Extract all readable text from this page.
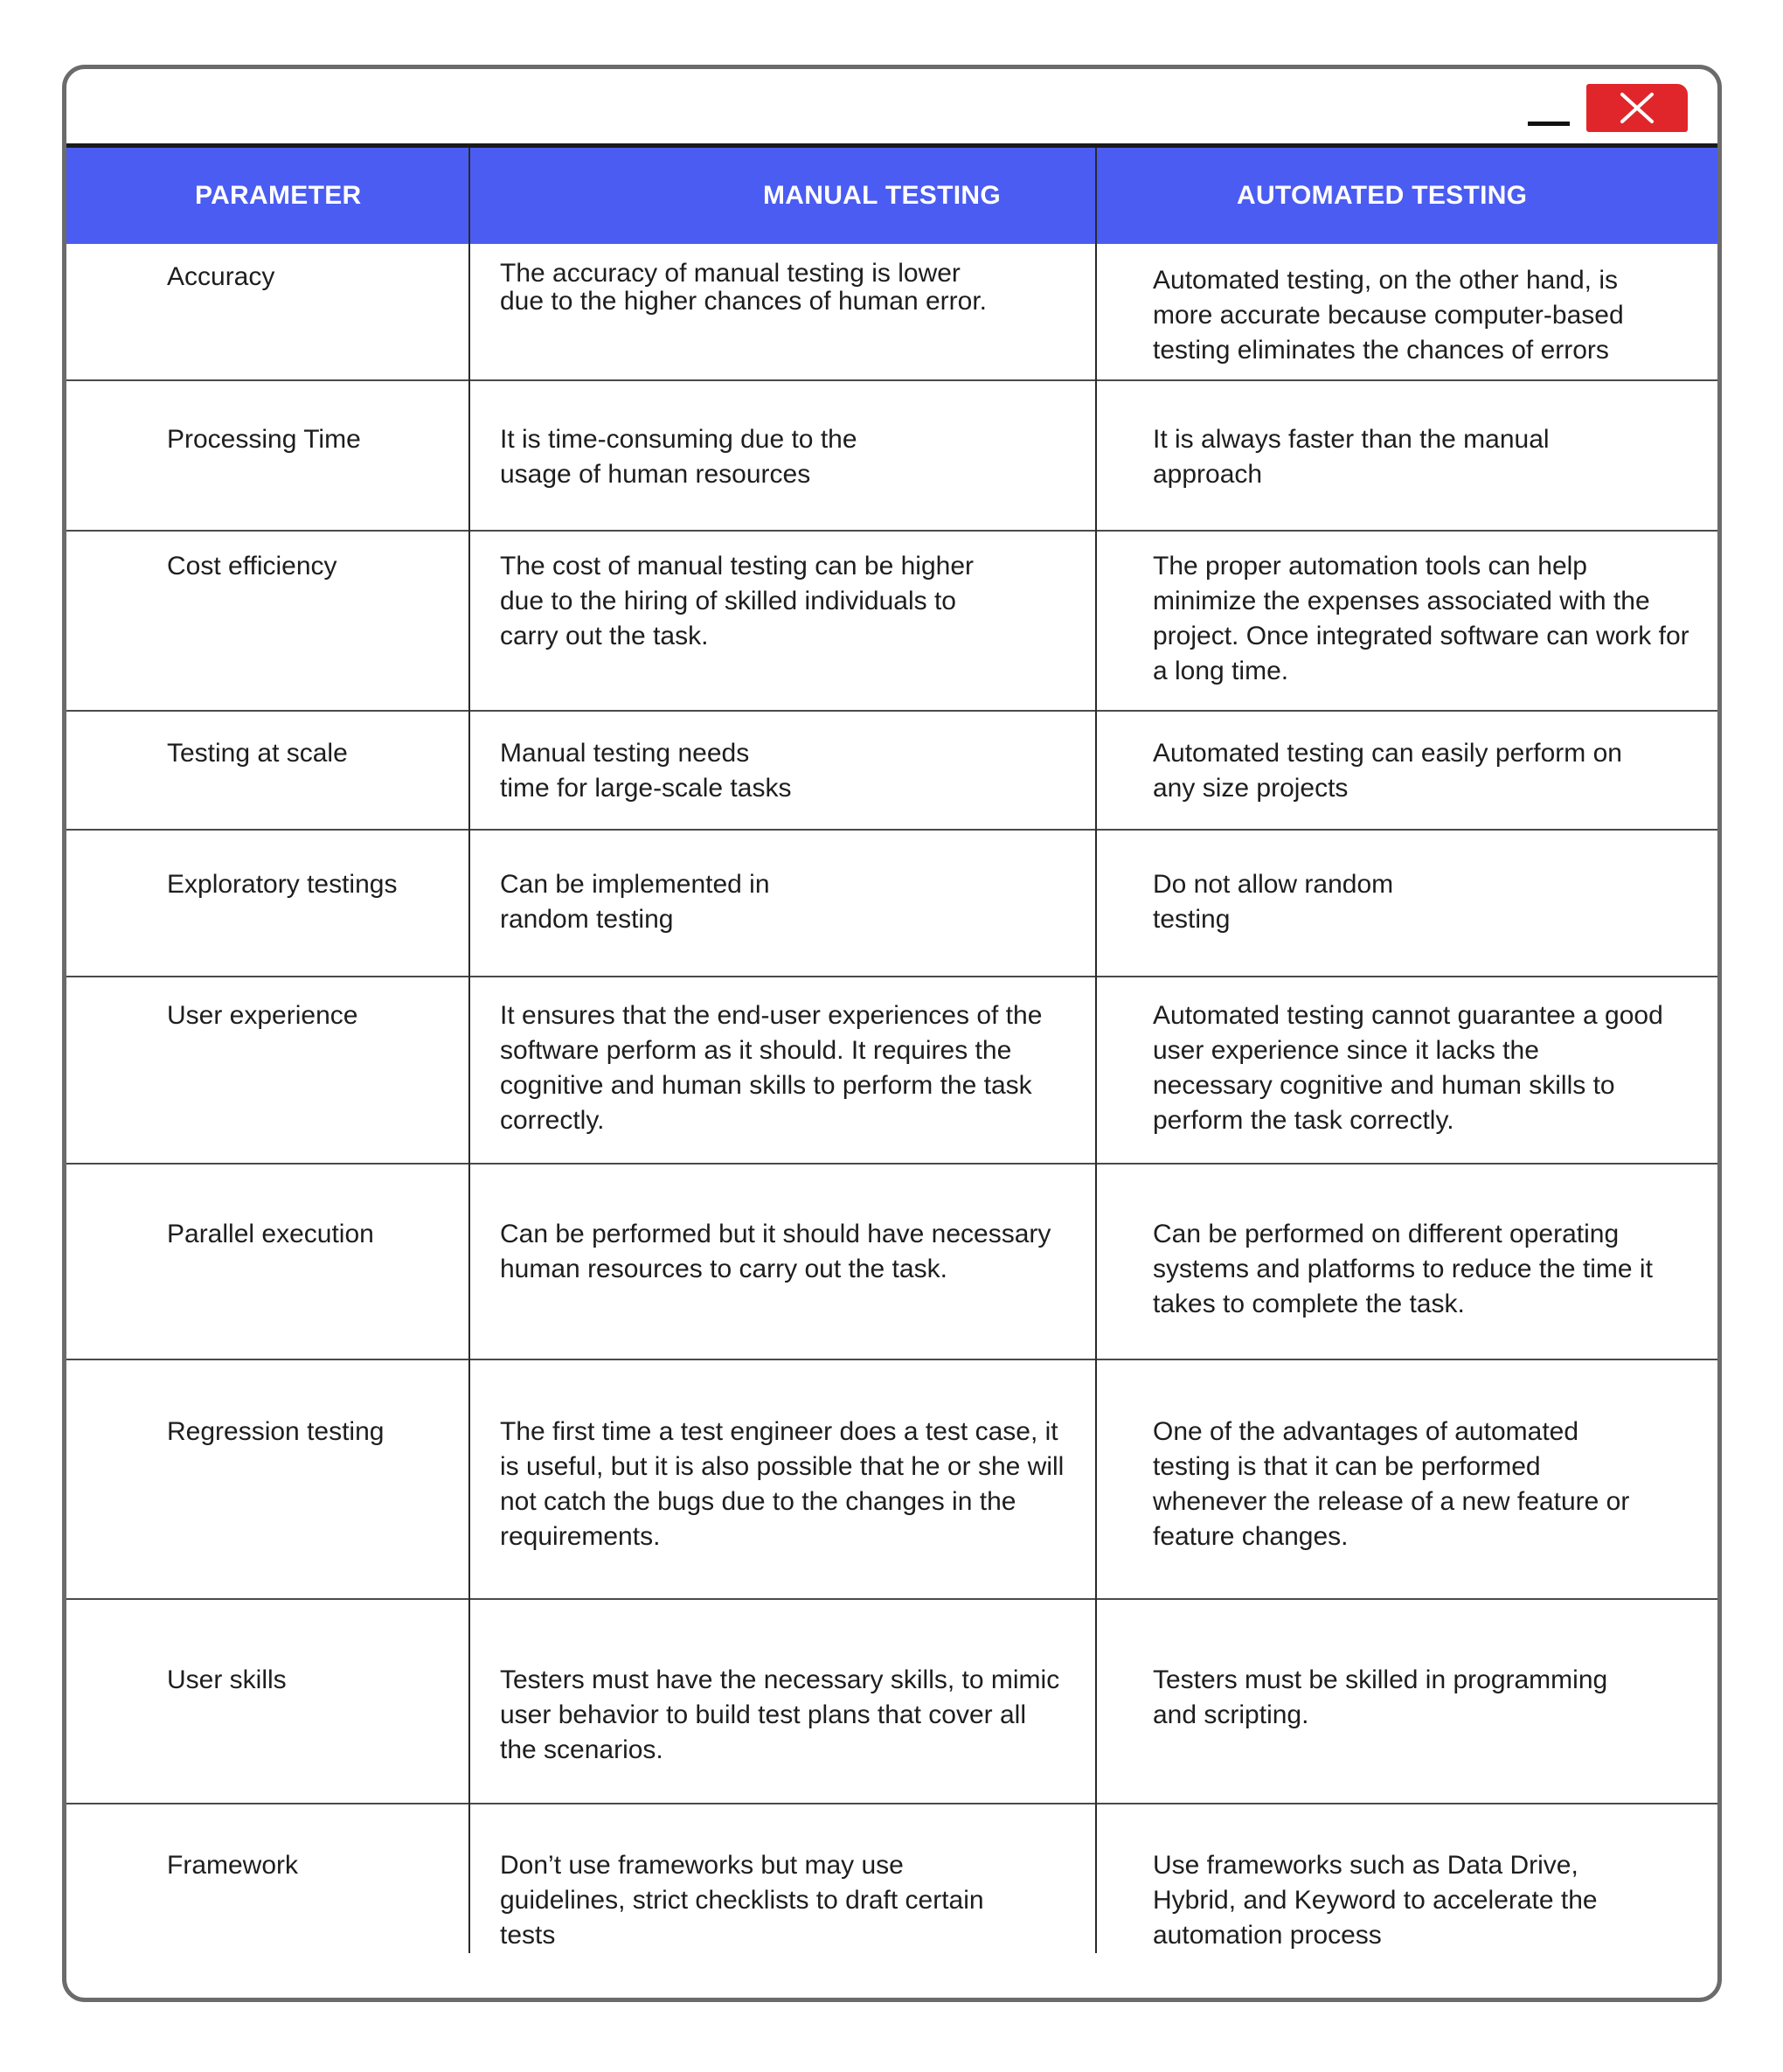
PARAMETER	MANUAL TESTING	AUTOMATED TESTING
Accuracy	The accuracy of manual testing is lower due to the higher chances of human error.	Automated testing, on the other hand, is more accurate because computer-based testing eliminates the chances of errors
Processing Time	It is time-consuming due to the usage of human resources	It is always faster than the manual approach
Cost efficiency	The cost of manual testing can be higher due to the hiring of skilled individuals to carry out the task.	The proper automation tools can help minimize the expenses associated with the project. Once integrated software can work for a long time.
Testing at scale	Manual testing needs time for large-scale tasks	Automated testing can easily perform on any size projects
Exploratory testings	Can be implemented in random testing	Do not allow random testing
User experience	It ensures that the end-user experiences of the software perform as it should. It requires the cognitive and human skills to perform the task correctly.	Automated testing cannot guarantee a good user experience since it lacks the necessary cognitive and human skills to perform the task correctly.
Parallel execution	Can be performed but it should have necessary human resources to carry out the task.	Can be performed on different operating systems and platforms to reduce the time it takes to complete the task.
Regression testing	The first time a test engineer does a test case, it is useful, but it is also possible that he or she will not catch the bugs due to the changes in the requirements.	One of the advantages of automated testing is that it can be performed whenever the release of a new feature or feature changes.
User skills	Testers must have the necessary skills, to mimic user behavior to build test plans that cover all the scenarios.	Testers must be skilled in programming and scripting.
Framework	Don’t use frameworks but may use guidelines, strict checklists to draft certain tests	Use frameworks such as Data Drive, Hybrid, and Keyword to accelerate the automation process
